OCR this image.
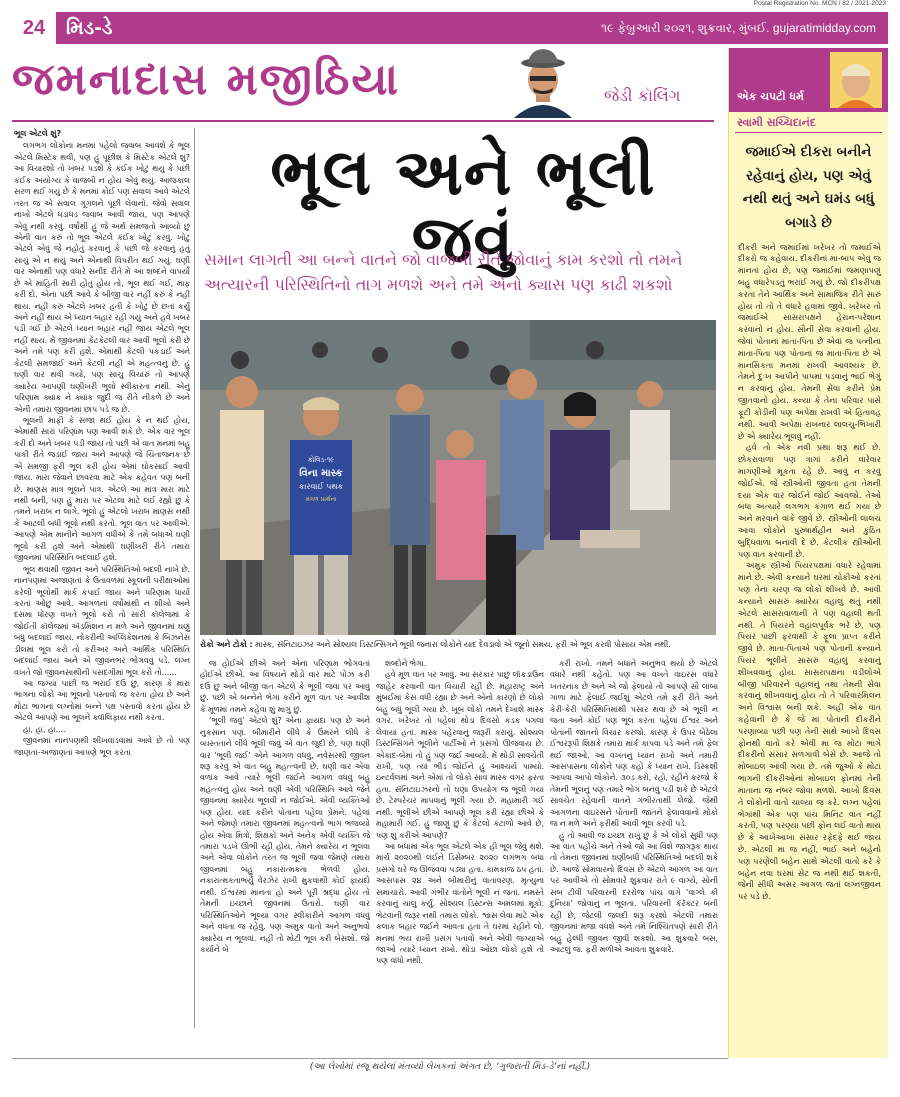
Postal Registration No. MCN / 82 / 2021-2023
24	મિડ-ડે	૧૯ ફેબ્રુઆરી ૨૦૨૧, શુક્રવાર, મુંબઈ. gujaratimidday.com
જમનાદાસ મજીઠિયા	જેડી કૉલિંગ

ભૂલ એટલે શું?

લગભગ લોકોના મનમાં પહેલો જવાબ આવશે કે ભૂલ એટલે મિસ્ટેક થવી, પણ હું પૂછીશ કે મિસ્ટેક એટલે શું? આ વિચારશો તો ખબર પડશે કે કંઈક ખોટું થયું કે પછી કંઈક અયોગ્ય કે વાજબી ન હોય એવું થયું. આજકાલ સરળ થઈ ગયું છે કે મનમાં કોઈ પણ સવાલ આવે એટલે તરત જ એ સવાલ ગૂગલને પૂછી લેવાનો. જેવો સવાલ નાખો એટલે ધડાધડ જવાબ આવી જાય, પણ આપણે એવું નથી કરવું. વર્ષોથી હું જે અર્થ સમજતો આવ્યો છું એની વાત કરું તો ભૂલ એટલે કંઈક ખોટું કરવું. ખોટું એટલે એવું જે નહોતું કરવાનું કે પછી જે કરવાનું હતું સાચું એ ન થયું અને એનાથી વિપરીત થઈ ગયું. ઘણી વાર એનાથી પણ વધારે સનીદ રીતે મેં આ શબ્દને વાપર્યો છે એ માહિતી સારી હોતું હોય તો, ભૂલ થઈ ગઈ, માફ કરી દો. એના પછી આવે કે બીજી વાર નહીં કરું કે નહીં થાય. નહીં કરું એટલે ખબર હતી કે ખોટું છે છતાં કર્યું અને નહીં થાય એ ધ્યાન બહાર રહી ગયું અને હવે ખબર પડી ગઈ છે એટલે ધ્યાન બહાર નહીં જાય એટલે ભૂલ નહીં થાય. મેં જીવનમાં કેટકેટલી વાર આવી ભૂલો કરી છે અને તમે પણ કરી હશે. એમાંથી કેટલી પકડાઈ અને કેટલી સમજાઈ અને કેટલી નહીં એ મહત્ત્વનું છે. હું ઘણી વાર થવી ગયો, પણ સાચું વિચારું તો આપણે ક્યારેય આપણી ઘણીખરી ભૂલો સ્વીકારતા નથી. એનું પરિણામ ક્યાંક ને ક્યાંક જુદી જ રીતે નીકળે છે અને એની તમારા જીવનમાં છાપ પડે જ છે.

ભૂલની માફી કે સજા થઈ હોય કે ન થઈ હોય, એમાંથી સારાં પરિણામ પણ આવી શકે છે. એક વાર ભૂલ કરી દો અને ખબર પડી જાય તો પછી એ વાત મનમાં બહુ પાકી રીતે જડાઈ જાય અને આપણે જે ચિંતાજનક છે એ સમજી ફરી ભૂલ કરી હોય એમાં ઘોકસાઈ આવી જાય. મારા જેવાને છાવરવા માટે એક કહેવત પણ બની છે. માણસ માત્ર ભૂલને પાત્ર. એટલે આ માત્ર મારા માટે નથી બની, પણ હું મારા પર એટલા માટે લઈ રહ્યો છું કે તમને ખરાબ ન લાગે. ભૂલો હું એટલો ખરાબ માણસ નથી કે આટલી બધી ભૂલો નથી કરતો. ભૂલ વાત પર આવીએ. આપણે એમ માનીને આગળ વધીએ કે તમે બધાએ ઘણી ભૂલો કરી હશે અને એમાંથી ઘણીખરી રીતે તમારા જીવનમાં પરિસ્થિતિ બદલાઈ હશે.

ભૂલ થવાથી જીવન અને પરિસ્થિતિઓ બદલી નાખે છે. નાનપણમાં અજાણતાં કે ઉતાવળમાં સ્કૂલની પરીક્ષાઓમાં કરેલી ભૂલોથી માર્ક કપાઈ જાય અને પરિણામ ધાર્યા કરતાં ઓછું આવે. આગળનાં વર્ષોમાંથી ન શીખો અને દસમા ધોરણ વખતે ભૂલો કરો તો સારી કૉલેજમાં કે જોઈતી કૉલેજમાં ઍડમિશન ન મળે અને જીવનમાં ઘણું બધું બદલાઈ જાય. નોકરીની અપ્લિકેશનમાં કે બિઝનેસ ડીલમાં ભૂલ કરો તો કરીઅર અને આર્થિક પરિસ્થિતિ બદલાઈ જાય અને એ જીવનભર ભોગવવું પડે. લગ્ન વખતે જો જીવનસાથીની પસંદગીમાં ભૂલ કરો તો......

આ જગ્યા પાછી જ ભરાઈ દઉં છું, કારણ કે મારા ભાગના લોકો આ ભૂલનો પસ્તાવો જ કરતા હોય છે અને મોટા ભાગનાં લગ્નોમાં બન્ને પક્ષ પસ્તાવો કરતા હોય છે એટલે આપણે આ ભૂલને ક્વૉલિફાય નથી કરતા.

હા, હા, હા....

જીવનમાં નાનપણથી શીખવાડવામાં આવે છે તો પણ જાણતાં-અજાણતાં આપણે ભૂલ કરતા

ભૂલ અને ભૂલી જવું
સમાન લાગતી આ બન્ને વાતને જો વાજબી રીતે જોવાનું કામ કરશો તો તમને અત્યારની પરિસ્થિતિનો તાગ મળશે અને તમે એનો ક્યાસ પણ કાઢી શકશો
કોવિડ-૧૯
વિના માસ્ક
કારવાઈ પથક
મંગળ પ્રાર્થના
રોકો અને ટોકો : માસ્ક, સૅનિટાઇઝર અને સોશ્યલ ડિસ્ટન્સિંગને ભૂલી જનારા લોકોને યાદ દેવડાવો એ જૂનો સમય. ફરી એ ભૂલ કરવી પોસાય એમ નથી.

જ હોઈએ છીએ અને એનાં પરિણામ ભોગવતાં હોઈએ છીએ. આ વિષયને થોડો વાર માટે પોઝ કરી દઉં છું અને બીજી વાત એટલે કે ભૂલી જવા પર આવું છું. પછી એ બન્નેને ભેગાં કરીને મૂળ વાત પર આવીશ કે મૂળમાં તમને કહેવા શું માગું છું.

‘ભૂલી જવું’ એટલે શું? એના ફાયદા પણ છે અને નુકસાન પણ. બીમારીને લીધે કે ઉંમરને લીધે કે વ્યસ્તતાને લીધે ભૂલી જવું એ વાત જુદી છે, પણ ઘણી વાર ‘ભૂલી જઈ’ એને આગળ વધવું, નવેસરથી જીવન શરૂ કરવું એ વાત બહુ મહત્ત્વની છે. ઘણી વાર એવા વળાંક આવે ત્યારે ભૂલી જઈને આગળ વધવું બહુ મહત્ત્વનું હોય અને ઘણી એવી પરિસ્થિતિ આવે જેને જીવનમાં ક્યારેય ભૂલવી ન જોઈએ. એવી વ્યક્તિઓ પણ હોય. યાદ કરીને પોતાના પહેલા પ્રેમને. પહેલાં અને જેમણે તમારા જીવનમાં મહત્ત્વનો ભાગ ભજવ્યો હોય એવા મિત્રો, શિક્ષકો અને અનેક એવી વ્યક્તિ જે તમારા પડખે ઊભી રહી હોય. તેમને ક્યારેય ન ભૂલવા અને એવા લોકોને તરત જ ભૂલી જવા જેમણે તમારા જીવનમાં બહુ નકારાત્મકતા ભેળવી હોય. નકારાત્મકતાભર્યું વેરઝેર રાખી મુકવાથી કોઈ ફાયદો નથી. ઈશ્વરમાં માનતા હો અને પૂરી શ્રદ્ધા હોય તો તેમની ઇચ્છાને જીવનમાં ઉતારો. ઘણી વાર પરિસ્થિતિઓને ભૂલ્યા વગર સ્વીકારીને આગળ વધવું અને વધતા જ રહેવું. પણ અમુક વાતો અને અનુભવો ક્યારેય ન ભૂલવાં. નહીં તો મોટી ભૂલ કરી બેસશો. જો કર્યાને બે

શબ્દોને ભેગા.

હવે મૂળ વાત પર આવું. આ સરકાર પાછું લૉકડાઉન જાહેર કરવાની વાત વિચારી રહી છે. મહારાષ્ટ્ર અને મુંબઈમાં કેસ વધી રહ્યા છે અને એનો કારણો છે લોકો બહુ બધું ભૂલી ગયા છે. ખૂબ લોકો તમને દેખાશે માસ્ક વગર. ખરેખર તો પહેલાં થોડા દિવસો કડક પગલાં લેવાયાં હતાં. માસ્ક પહેરવાનું જરૂરી કરાયું. સોશ્યલ ડિસ્ટન્સિંગને ભૂલીને પાર્ટીઓ ને પ્રસંગો ઊજવાય છે. એકાદ-બેમાં તો હું પણ જઈ આવ્યો. મેં થોડી સાવચેતી રાખી, પણ ત્યાં ભીડ જોઈને હું આશ્ચર્ય પામ્યો. ઇન્ટર્વલમાં અને એમાં તો લોકો સાવ માસ્ક વગર ફરતા હતા. સૅનિટાઇઝરનો તો ઘણા ઉપયોગ જ ભૂલી ગયા છે. ટેમ્પરેચર માપવાનું ભૂલી ગયા છે. મહામારી ગઈ નથી. ભૂલીએ છીએ આપણે ભૂલ કરી રહ્યા છીએ કે મહામારી ગઈ. હું જાણું છું કે કેટલો કંટાળો આવે છે, પણ શું કરીએ આપણે?

આ બધામાં એક ભૂલ એટલે એક હી ભૂલ જેવું થશે. માર્ચ ૨૦૨૦થી લઈને ડિસેમ્બર ૨૦૨૦ લગભગ બધા પ્રસંગો ઘરે જ ઊજવવા પડ્યા હતા. કામકાજ ઠપ હતાં. આસપાસ ૨૪ અને બીમારીનું વાતાવરણ. મૃત્યુના સમાચારો. આવી ગંભીર વાતોને ભૂલી ન જતાં. નમસ્તે કરવાનું ચાલુ કર્યું. સોશ્યલ ડિસ્ટન્સ અમલમાં મૂકો. ભેટવાની જરૂર નથી તમારા લોકો. શ્વાસ લેવા માટે એક કલાક બહાર જઈને આવતા હતા તે ઘરમાં રહીને લો. મનમાં ભય રાખી પ્રસંગ પતાવો અને એવી જગ્યાએ જાઓ ત્યારે ધ્યાન રાખો. થોડા ઓછા લોકો હશે તો પણ વાંધો નથી.

કરી રાખો. તમને બધાને અનુભવ થયો છે એટલે વધારે નથી કહેતો. પણ આ વખતે વાઇરસ વધારે ખતરનાક છે અને એ જો ફેલાયો તો આપણે સૌ લાંબા ગાળા માટે ફેલાઈ જઈશું એટલે તમે ફરી રીતે અને કેરી-કેરી પરિસ્થિતિમાંથી પસાર થવા છે એ ભૂલી ન જતા અને કોઈ પણ ભૂલ કરતા પહેલાં ઈશ્વર અને પોતાની જાતનો વિચાર કરજો. કારણ કે ઉપર બેઠેલા ઈશ્વરરૂપી શિક્ષકે તમારા માર્ક કાપવા પડે અને તમે ફેલ થઈ જાઓ. આ વખતનું ધ્યાન રાખો અને તમારી આસપાસના લોકોને પણ કહો કે ધ્યાન રાખે. ડિસ્ક્રશી આપવા આપો લોકોને. ૩૦ડ કરો, રહો, રહીને કરજો કે તેમની ભૂલનું પણ તમારે ભોગ બનવું પડી શકે છે એટલે સાવચેત રહેવાની વાતને ગંભીરતાથી લેજો. જેથી આગળના વાઇરસને પોતાની જાતને ફેલાવવાનો મોકો જ ન મળે અને ફરીથી આવી ભૂલ કરવી પડે.

હું તો આવી જ ઇચ્છા રાખું છું કે એ લોકો સુધી પણ આ વાત પહોંચે અને તેઓ જો આ વિશે જાગરૂક થાય તો તેમના જીવનમાં ઘણીબધી પરિસ્થિતિઓ બદલી શકે છે. આજે સોમવારનો દિવસ છે એટલે આગળ આ વાત પર આવીએ તો સોમવારે શુક્રવાર રાતે ૯ વાગ્યે, સોની સબ ટીવી પરિવારની દરરોજ પાંચ વાગે ‘વાગ્લે કી દુનિયા’ જોવાનું ન ભૂલતા. પરિવારની કૅરૅક્ટર બની રહી છે, જેટલી જલદી શરૂ કરશો એટલી તમારા જીવનમાં મજા વધશે અને તમે નિશ્ચિંતપણે સારી રીતે બહુ હેલ્ધી જીવન જીવી શકશો. આ શુક્રવારે બસ, આટલું જ. ફરી મળીએ આવતા શુક્રવારે.

એક ચપટી ધર્મ
સ્વામી સચ્ચિદાનંદ
જમાઈએ દીકરા બનીને રહેવાનું હોય, પણ એવું નથી થતું અને ઘમંડ બધું બગાડે છે

દીકરી અને જમાઈમાં ખરેખર તો જમાઈએ દીકરો જ કહેવાય. દીકરીનાં મા-બાપ એવું જ માનતાં હોય છે, પણ જમાઈમાં જમણાપણું બહુ વધારેપડતું ભરાઈ ગયું છે. જો દીકરીપક્ષ કરતાં તેને આર્થિક અને સામાજિક રીતે સારું હોય તો તો તે વધારે હવામાં જીવે. ખરેખર તો જમાઈએ સાસરાપક્ષને હેરાન-પરેશાન કરવાનો ન હોય. સૌની સેવા કરવાની હોય. જેવાં પોતાનાં માતા-પિતા છે એવાં જ પત્નીનાં માતા-પિતા પણ પોતાનાં જ માતા-પિતા છે એ માનસિકતા મનમાં રાખવી આવશ્યક છે. તેમને દુઃખ આપીને પાપમાં પડવાનું ભાઈ ભેગું ન કરવાનું હોય. તેમની સેવા કરીને પ્રેમ જીતવાનો હોય. કન્યા કે તેના પરિવાર પાસે ફૂટી કોડીની પણ અપેક્ષા રાખવી એ હિતાવહ નથી. આવી અપેક્ષા રાખનાર લાલચુ-ભિખારી છે એ ક્યારેય ભૂલવું નહીં.

હવે તો એક નવી પ્રથા શરૂ થઈ છે. છોકરાવાળા પણ ત્રાગાં કરીને વારેવાર માગણીઓ મૂકતા રહે છે. આવું ન કરવું જોઈએ. જે સ્ત્રીઓની જીવતા હતા તેમની દયા એક વાર જોઈને જોઈ આવજો. તેઓ બધા અત્યારે લગભગ કંગાળ થઈ ગયા છે અને મરવાને વાંકે જીવે છે. સ્ત્રીઓની લાલચ આવા લોકોને પુરુષાર્થહીન અને કુંઠિત બુદ્ધિવાળા બનાવી દે છે. કેટલીક સ્ત્રીઓની પણ વાત કરવાની છે.

અમુક સ્ત્રીઓ પિયરપક્ષમાં વધારે રહેવામાં માને છે. એવી કન્યાને ઘરમાં ચોકીઓ કરતાં પણ તેના ચરણ જ લોકો શીખવે છે. આવી કન્યાને સાસરું ક્યારેય વહાલું થતું નથી એટલે સાસરાવાળાની તે પણ વહાલી થતી નથી. તે પિયરને વહાલપૂર્વક ભરે છે, પણ પિયર પાછી ફરવાથી કે ફૂલા પ્રાપ્ત કરીને જીવે છે. માતા-પિતાએ પણ પોતાની કન્યાને પિયર ભૂલીને સાસરું વહાલું કરવાનું શીખવવાનું હોય. સાસરાપક્ષના વડીલોએ બીજી પરિવારને વહાલનું તથા તેમની સેવા કરવાનું શીખવવાનું હોય તો તે પરિવારમિલન અને વિશ્વાસ બની શકે. અહીં એક વાત કહેવાની છે કે જે માં પોતાની દીકરીને પરણાવ્યા પછી પણ તેની સાથે આખો દિવસ ફોનથી વાતો કરે એવી મા જ મોટા ભાગે દીકરીનો સંસાર સળગાવી બેસે છે. આજે તો મોબાઇલ આવી ગયા છે. તમે જુઓ કે મોટા ભાગની દીકરીઓનાં મોબાઇલ ફોનમાં તેની માતાના જ નંબર જોવા મળશે. આખો દિવસ તે લોકોની વાતો ચાલ્યા જ કરે. લગ્ન પહેલાં ભેગાંથી એક પણ પાંચ મિનિટ વાત નહીં કરતી, પણ પરણ્યા પછી ફોન લઈ વાતો થાય છે કે આખેઆખા સંસાર રફેદફે થઈ જાય છે. એટલી મા જ નહીં, ભાઈ અને બહેનો પણ પરણેલી બહેન સાથે એટલી વાતો કરે કે બહેન નવા ઘરમાં સેટ જ નથી થઈ શકતી, જેની સીધી અસર આગળ જતાં લગ્નજીવન પર પડે છે.

(આ લેખોમાં રજૂ થયેલાં મંતવ્યો લેખકનાં અંગત છે, ‘ગુજરાતી મિડ-ડે’નાં નહીં.)
